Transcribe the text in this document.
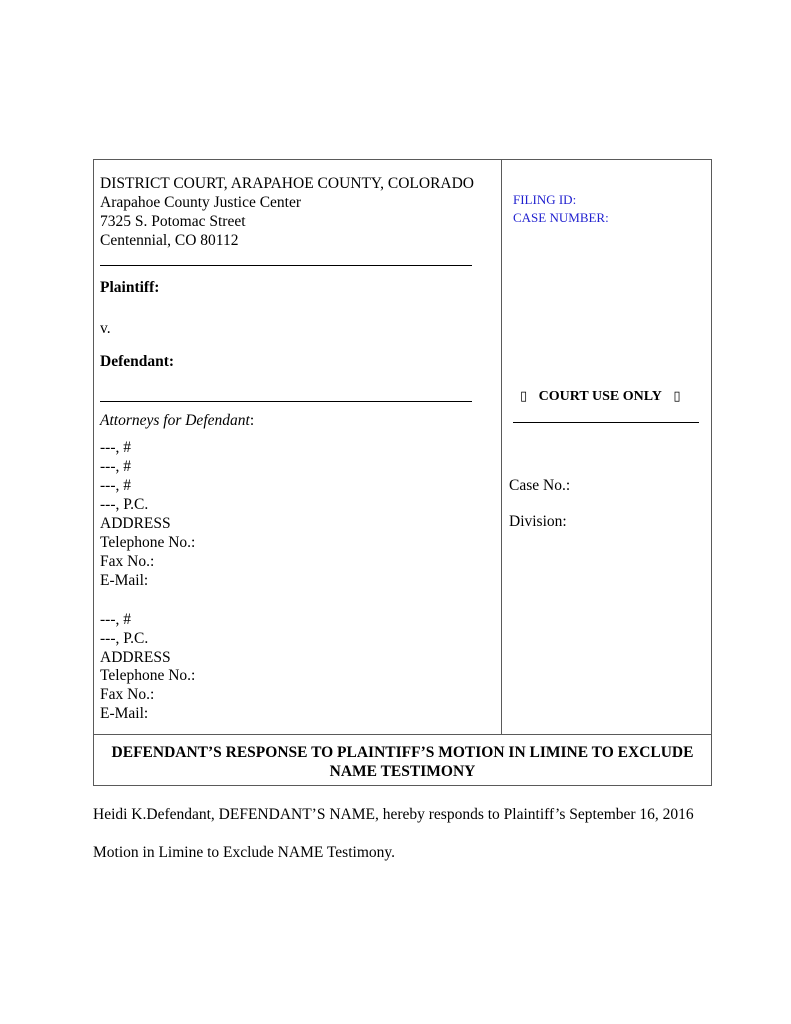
DISTRICT COURT, ARAPAHOE COUNTY, COLORADO
Arapahoe County Justice Center
7325 S. Potomac Street
Centennial, CO 80112
Plaintiff:
v.
Defendant:
Attorneys for Defendant:
---, #
---, #
---, #
---, P.C.
ADDRESS
Telephone No.:
Fax No.:
E-Mail:
---, #
---, P.C.
ADDRESS
Telephone No.:
Fax No.:
E-Mail:
FILING ID:
CASE NUMBER:
▯ COURT USE ONLY ▯
Case No.:
Division:
DEFENDANT’S RESPONSE TO PLAINTIFF’S MOTION IN LIMINE TO EXCLUDE
NAME TESTIMONY
Heidi K.Defendant, DEFENDANT’S NAME, hereby responds to Plaintiff’s September 16, 2016
Motion in Limine to Exclude NAME Testimony.
